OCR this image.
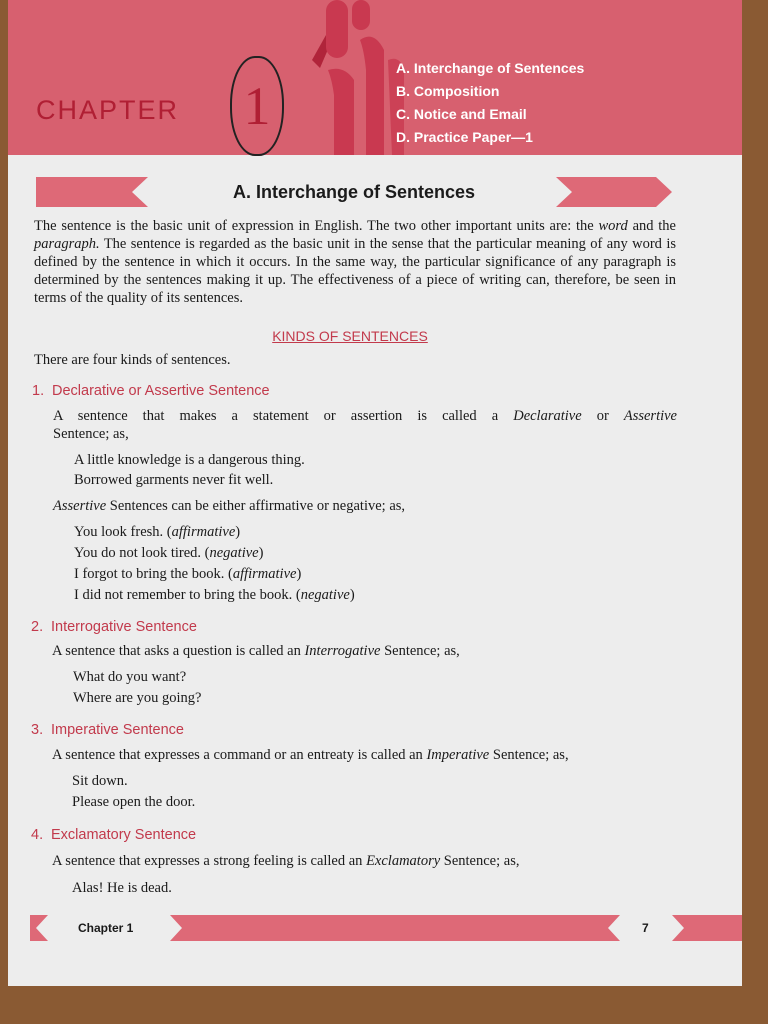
CHAPTER 1
A. Interchange of Sentences
B. Composition
C. Notice and Email
D. Practice Paper—1
A. Interchange of Sentences
The sentence is the basic unit of expression in English. The two other important units are: the word and the paragraph. The sentence is regarded as the basic unit in the sense that the particular meaning of any word is defined by the sentence in which it occurs. In the same way, the particular significance of any paragraph is determined by the sentences making it up. The effectiveness of a piece of writing can, therefore, be seen in terms of the quality of its sentences.
KINDS OF SENTENCES
There are four kinds of sentences.
1. Declarative or Assertive Sentence
A sentence that makes a statement or assertion is called a Declarative or Assertive
Sentence; as,
A little knowledge is a dangerous thing.
Borrowed garments never fit well.
Assertive Sentences can be either affirmative or negative; as,
You look fresh. (affirmative)
You do not look tired. (negative)
I forgot to bring the book. (affirmative)
I did not remember to bring the book. (negative)
2. Interrogative Sentence
A sentence that asks a question is called an Interrogative Sentence; as,
What do you want?
Where are you going?
3. Imperative Sentence
A sentence that expresses a command or an entreaty is called an Imperative Sentence; as,
Sit down.
Please open the door.
4. Exclamatory Sentence
A sentence that expresses a strong feeling is called an Exclamatory Sentence; as,
Alas! He is dead.
Chapter 1	7
